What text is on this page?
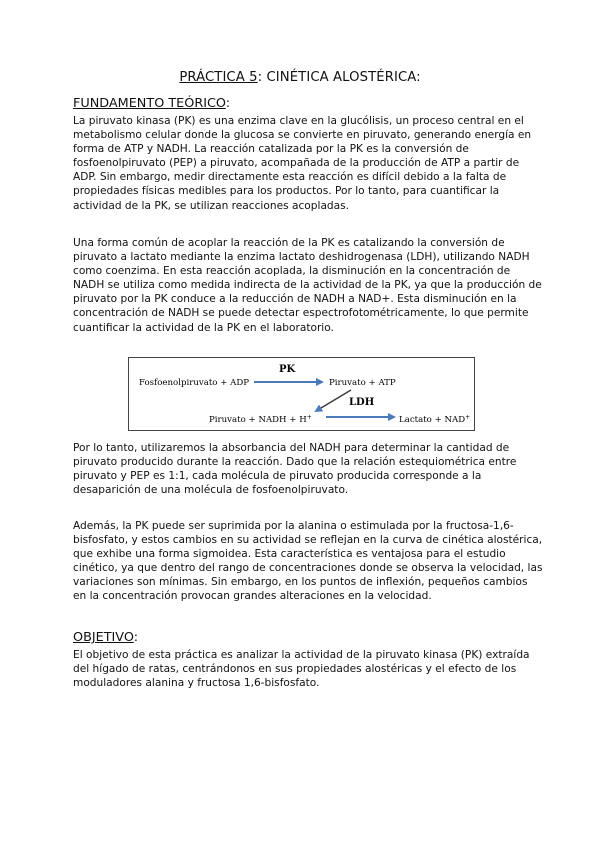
PRÁCTICA 5: CINÉTICA ALOSTÉRICA:
FUNDAMENTO TEÓRICO:

La piruvato kinasa (PK) es una enzima clave en la glucólisis, un proceso central en el metabolismo celular donde la glucosa se convierte en piruvato, generando energía en forma de ATP y NADH. La reacción catalizada por la PK es la conversión de fosfoenolpiruvato (PEP) a piruvato, acompañada de la producción de ATP a partir de ADP. Sin embargo, medir directamente esta reacción es difícil debido a la falta de propiedades físicas medibles para los productos. Por lo tanto, para cuantificar la actividad de la PK, se utilizan reacciones acopladas.

Una forma común de acoplar la reacción de la PK es catalizando la conversión de piruvato a lactato mediante la enzima lactato deshidrogenasa (LDH), utilizando NADH como coenzima. En esta reacción acoplada, la disminución en la concentración de NADH se utiliza como medida indirecta de la actividad de la PK, ya que la producción de piruvato por la PK conduce a la reducción de NADH a NAD+. Esta disminución en la concentración de NADH se puede detectar espectrofotométricamente, lo que permite cuantificar la actividad de la PK en el laboratorio.

PK
Fosfoenolpiruvato + ADP	Piruvato + ATP
LDH
Piruvato + NADH + H+	Lactato + NAD+

Por lo tanto, utilizaremos la absorbancia del NADH para determinar la cantidad de piruvato producido durante la reacción. Dado que la relación estequiométrica entre piruvato y PEP es 1:1, cada molécula de piruvato producida corresponde a la desaparición de una molécula de fosfoenolpiruvato.

Además, la PK puede ser suprimida por la alanina o estimulada por la fructosa-1,6-bisfosfato, y estos cambios en su actividad se reflejan en la curva de cinética alostérica, que exhibe una forma sigmoidea. Esta característica es ventajosa para el estudio cinético, ya que dentro del rango de concentraciones donde se observa la velocidad, las variaciones son mínimas. Sin embargo, en los puntos de inflexión, pequeños cambios en la concentración provocan grandes alteraciones en la velocidad.

OBJETIVO:

El objetivo de esta práctica es analizar la actividad de la piruvato kinasa (PK) extraída del hígado de ratas, centrándonos en sus propiedades alostéricas y el efecto de los moduladores alanina y fructosa 1,6-bisfosfato.
